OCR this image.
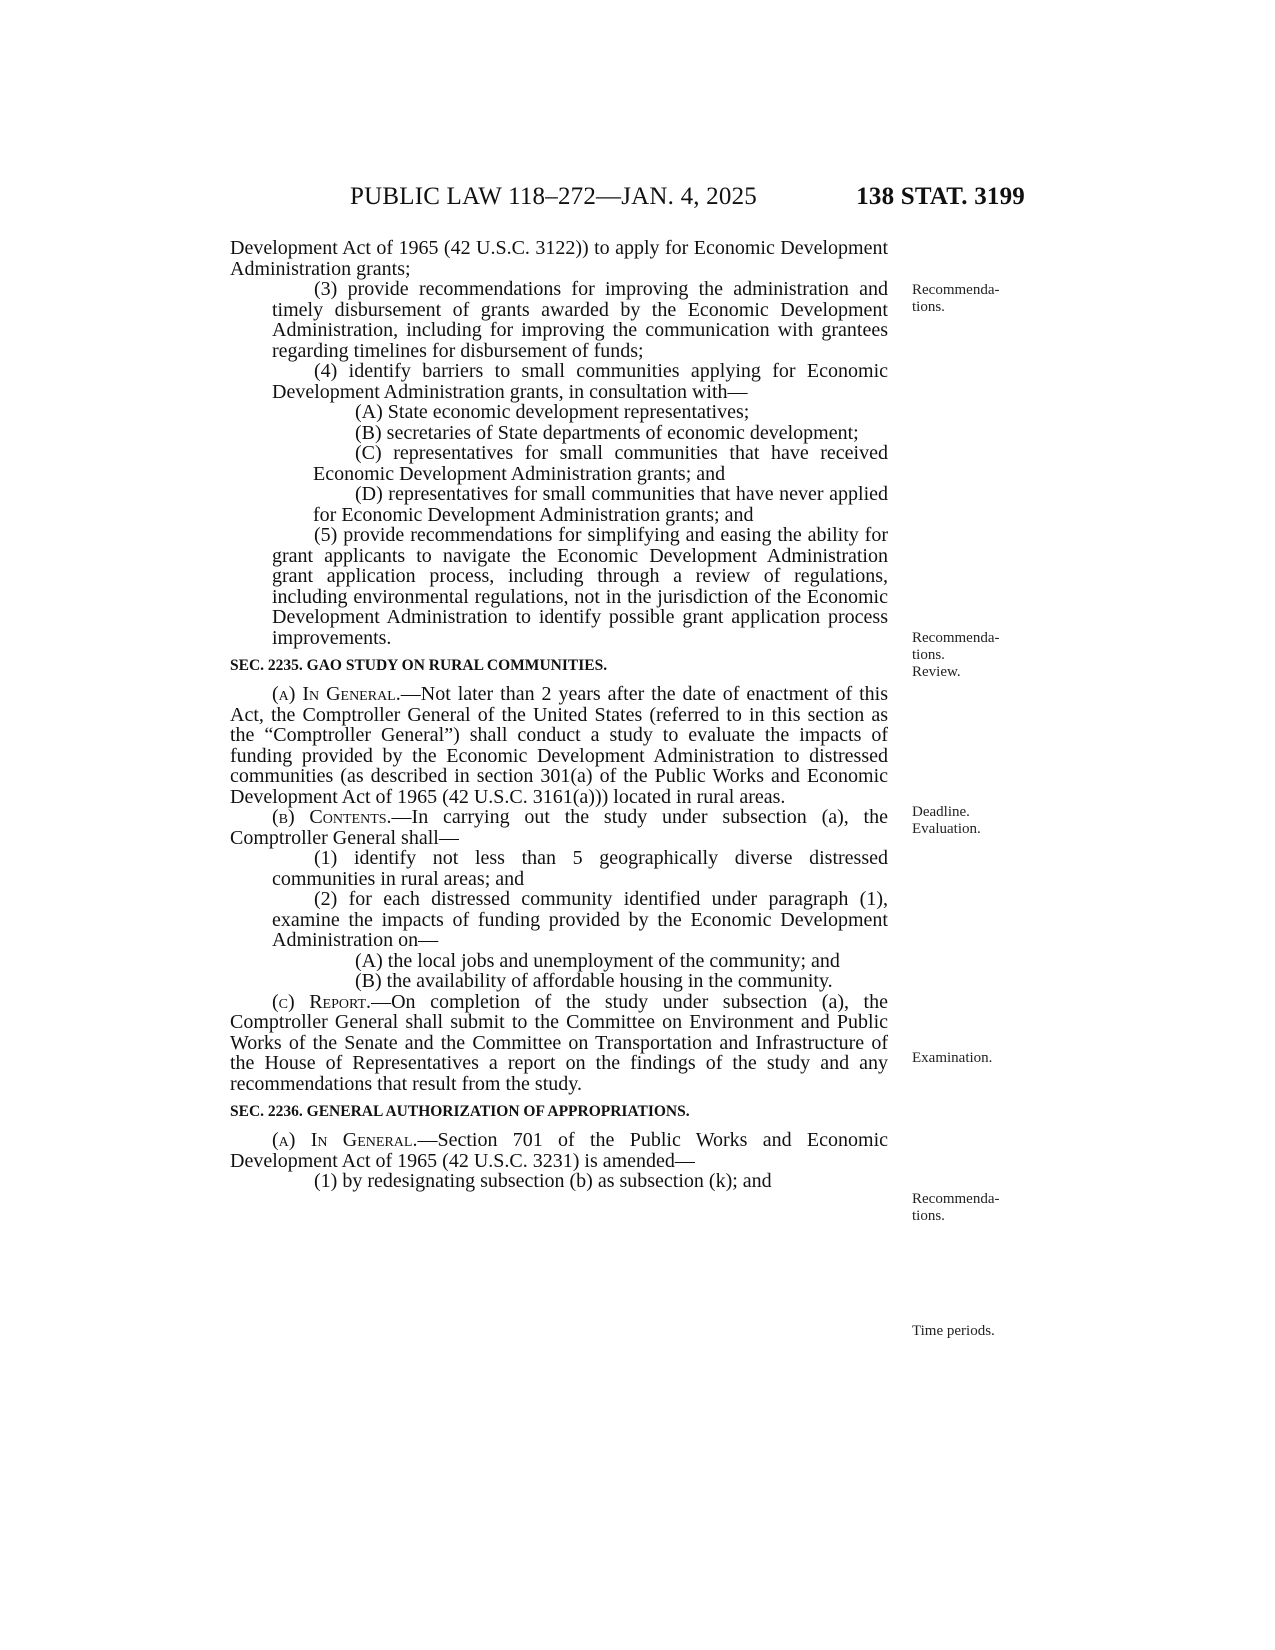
PUBLIC LAW 118–272—JAN. 4, 2025	138 STAT. 3199

Development Act of 1965 (42 U.S.C. 3122)) to apply for Economic Development Administration grants;

(3) provide recommendations for improving the administration and timely disbursement of grants awarded by the Economic Development Administration, including for improving the communication with grantees regarding timelines for disbursement of funds;

(4) identify barriers to small communities applying for Economic Development Administration grants, in consultation with—

(A) State economic development representatives;

(B) secretaries of State departments of economic development;

(C) representatives for small communities that have received Economic Development Administration grants; and

(D) representatives for small communities that have never applied for Economic Development Administration grants; and

(5) provide recommendations for simplifying and easing the ability for grant applicants to navigate the Economic Development Administration grant application process, including through a review of regulations, including environmental regulations, not in the jurisdiction of the Economic Development Administration to identify possible grant application process improvements.

SEC. 2235. GAO STUDY ON RURAL COMMUNITIES.

(a) In General.—Not later than 2 years after the date of enactment of this Act, the Comptroller General of the United States (referred to in this section as the “Comptroller General”) shall conduct a study to evaluate the impacts of funding provided by the Economic Development Administration to distressed communities (as described in section 301(a) of the Public Works and Economic Development Act of 1965 (42 U.S.C. 3161(a))) located in rural areas.

(b) Contents.—In carrying out the study under subsection (a), the Comptroller General shall—

(1) identify not less than 5 geographically diverse distressed communities in rural areas; and

(2) for each distressed community identified under paragraph (1), examine the impacts of funding provided by the Economic Development Administration on—

(A) the local jobs and unemployment of the community; and

(B) the availability of affordable housing in the community.

(c) Report.—On completion of the study under subsection (a), the Comptroller General shall submit to the Committee on Environment and Public Works of the Senate and the Committee on Transportation and Infrastructure of the House of Representatives a report on the findings of the study and any recommendations that result from the study.

SEC. 2236. GENERAL AUTHORIZATION OF APPROPRIATIONS.

(a) In General.—Section 701 of the Public Works and Economic Development Act of 1965 (42 U.S.C. 3231) is amended—

(1) by redesignating subsection (b) as subsection (k); and

Recommenda-
tions.
Recommenda-
tions.
Review.
Deadline.
Evaluation.
Examination.
Recommenda-
tions.
Time periods.
